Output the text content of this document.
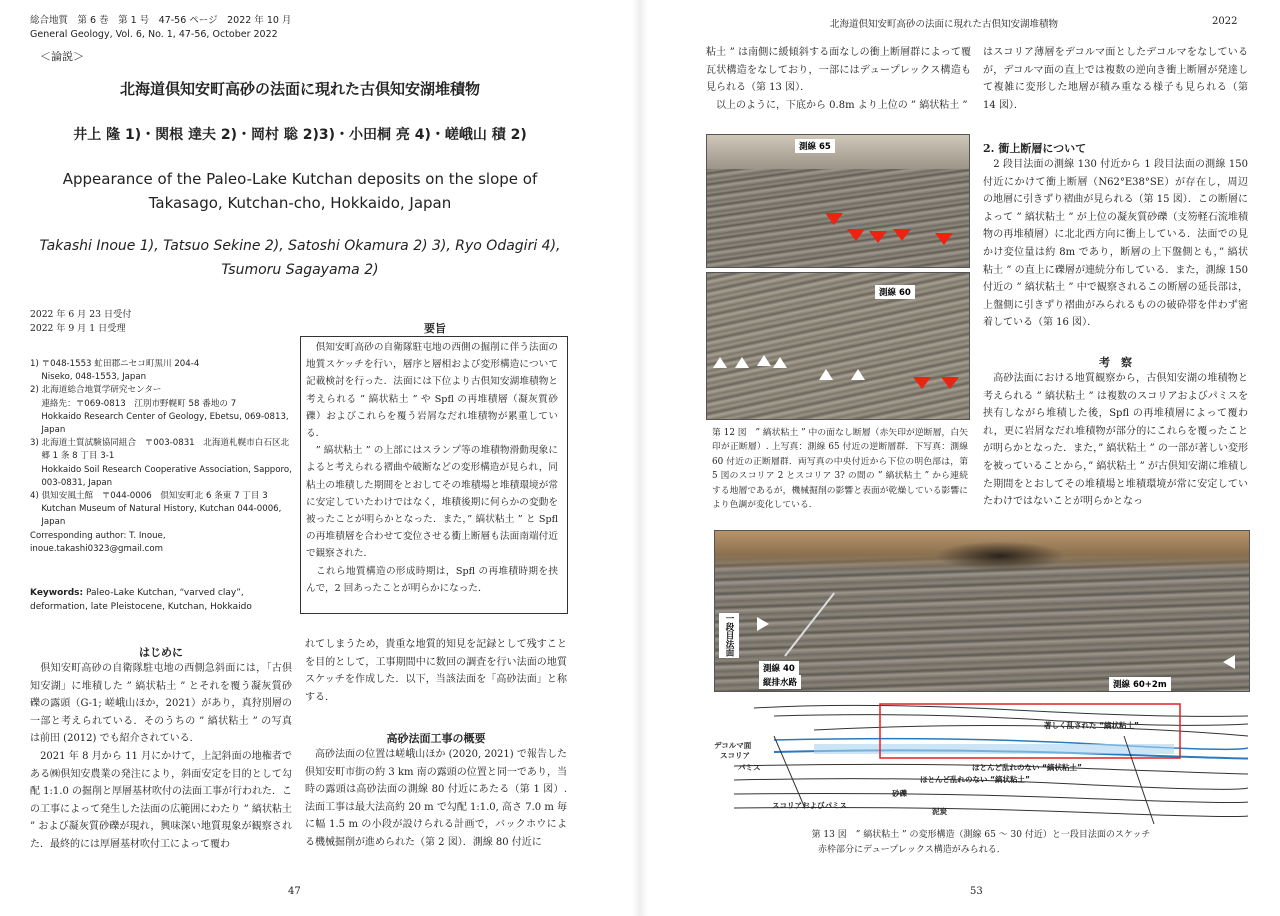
総合地質　第 6 巻　第 1 号　47-56 ページ　2022 年 10 月
General Geology, Vol. 6, No. 1, 47-56, October 2022
＜論説＞
北海道倶知安町高砂の法面に現れた古倶知安湖堆積物
井上 隆 1)・関根 達夫 2)・岡村 聡 2)3)・小田桐 亮 4)・嵯峨山 積 2)
Appearance of the Paleo-Lake Kutchan deposits on the slope of
Takasago, Kutchan-cho, Hokkaido, Japan
Takashi Inoue 1), Tatsuo Sekine 2), Satoshi Okamura 2) 3), Ryo Odagiri 4),
Tsumoru Sagayama 2)
2022 年 6 月 23 日受付
2022 年 9 月 1 日受理
1) 〒048-1553 虻田郡ニセコ町黒川 204-4
　 Niseko, 048-1553, Japan
2) 北海道総合地質学研究センター
　 連絡先：〒069-0813　江別市野幌町 58 番地の 7
　 Hokkaido Research Center of Geology, Ebetsu, 069-0813,
　 Japan
3) 北海道土質試験協同組合　〒003-0831　北海道札幌市白石区北
　 郷 1 条 8 丁目 3-1
　 Hokkaido Soil Research Cooperative Association, Sapporo,
　 003-0831, Japan
4) 倶知安風土館　〒044-0006　倶知安町北 6 条東 7 丁目 3
　 Kutchan Museum of Natural History, Kutchan 044-0006,
　 Japan
Corresponding author: T. Inoue, inoue.takashi0323@gmail.com
Keywords: Paleo-Lake Kutchan, “varved clay”, deformation, late Pleistocene, Kutchan, Hokkaido
要旨
　倶知安町高砂の自衛隊駐屯地の西側の掘削に伴う法面の地質スケッチを行い，層序と層相および変形構造について記載検討を行った．法面には下位より古倶知安湖堆積物と考えられる ” 縞状粘土 ” や Spfl の再堆積層（凝灰質砂礫）およびこれらを覆う岩屑なだれ堆積物が累重している．
　” 縞状粘土 ” の上部にはスランプ等の堆積物滑動現象によると考えられる褶曲や破断などの変形構造が見られ，同粘土の堆積した期間をとおしてその堆積場と堆積環境が常に安定していたわけではなく，堆積後期に何らかの変動を被ったことが明らかとなった．また，” 縞状粘土 ” と Spfl の再堆積層を合わせて変位させる衝上断層も法面南端付近で観察された．
　これら地質構造の形成時期は，Spfl の再堆積時期を挟んで，2 回あったことが明らかになった．
はじめに
　倶知安町高砂の自衛隊駐屯地の西側急斜面には，「古倶知安湖」に堆積した ” 縞状粘土 ” とそれを覆う凝灰質砂礫の露頭（G-1; 嵯峨山ほか，2021）があり，真狩別層の一部と考えられている．そのうちの ” 縞状粘土 ” の写真は前田 (2012) でも紹介されている．
　2021 年 8 月から 11 月にかけて，上記斜面の地権者である㈱倶知安農業の発注により，斜面安定を目的として勾配 1:1.0 の掘削と厚層基材吹付の法面工事が行われた．この工事によって発生した法面の広範囲にわたり ” 縞状粘土 ” および凝灰質砂礫が現れ，興味深い地質現象が観察された．最終的には厚層基材吹付工によって覆わ
れてしまうため，貴重な地質的知見を記録として残すことを目的として，工事期間中に数回の調査を行い法面の地質スケッチを作成した．以下，当該法面を「高砂法面」と称する．
高砂法面工事の概要
　高砂法面の位置は嵯峨山ほか (2020, 2021) で報告した倶知安町市街の約 3 km 南の露頭の位置と同一であり，当時の露頭は高砂法面の測線 80 付近にあたる（第 1 図）. 法面工事は最大法高約 20 m で勾配 1:1.0, 高さ 7.0 m 毎に幅 1.5 m の小段が設けられる計画で，バックホウによる機械掘削が進められた（第 2 図）．測線 80 付近に
47
北海道倶知安町高砂の法面に現れた古倶知安湖堆積物	2022
粘土 ” は南側に緩傾斜する面なしの衝上断層群によって覆瓦状構造をなしており，一部にはデュープレックス構造も見られる（第 13 図）．
　以上のように，下底から 0.8m より上位の ” 縞状粘土 ”
はスコリア薄層をデコルマ面としたデコルマをなしているが，デコルマ面の直上では複数の逆向き衝上断層が発達して複雑に変形した地層が積み重なる様子も見られる（第 14 図）．
測線 65
測線 60
第 12 図　” 縞状粘土 ” 中の面なし断層（赤矢印が逆断層，白矢印が正断層）. 上写真：測線 65 付近の逆断層群．下写真：測線 60 付近の正断層群．両写真の中央付近から下位の明色部は，第 5 図のスコリア 2 とスコリア 3? の間の ” 縞状粘土 ” から連続する地層であるが，機械掘削の影響と表面が乾燥している影響により色調が変化している．
2. 衝上断層について
　2 段目法面の測線 130 付近から 1 段目法面の測線 150 付近にかけて衝上断層（N62°E38°SE）が存在し，周辺の地層に引きずり褶曲が見られる（第 15 図）．この断層によって ” 縞状粘土 ” が上位の凝灰質砂礫（支笏軽石流堆積物の再堆積層）に北北西方向に衝上している．法面での見かけ変位量は約 8m であり，断層の上下盤側とも，” 縞状粘土 ” の直上に礫層が連続分布している．また，測線 150 付近の ” 縞状粘土 ” 中で観察されるこの断層の延長部は，上盤側に引きずり褶曲がみられるものの破砕帯を伴わず密着している（第 16 図）．
考　察
　高砂法面における地質観察から，古倶知安湖の堆積物と考えられる ” 縞状粘土 ” は複数のスコリアおよびパミスを挟有しながら堆積した後，Spfl の再堆積層によって覆われ，更に岩屑なだれ堆積物が部分的にこれらを覆ったことが明らかとなった．また，” 縞状粘土 ” の一部が著しい変形を被っていることから，” 縞状粘土 ” が古倶知安湖に堆積した期間をとおしてその堆積場と堆積環境が常に安定していたわけではないことが明らかとなっ
一段目法面
測線 40
縦排水路	測線 60+2m
著しく乱された “縞状粘土”
デコルマ面
スコリア
パミス	ほとんど乱れのない “縞状粘土”
ほとんど乱れのない “縞状粘土”
砂礫
スコリアおよびパミス
泥炭
第 13 図　” 縞状粘土 ” の変形構造（測線 65 ～ 30 付近）と一段目法面のスケッチ
赤枠部分にデュープレックス構造がみられる．
53
